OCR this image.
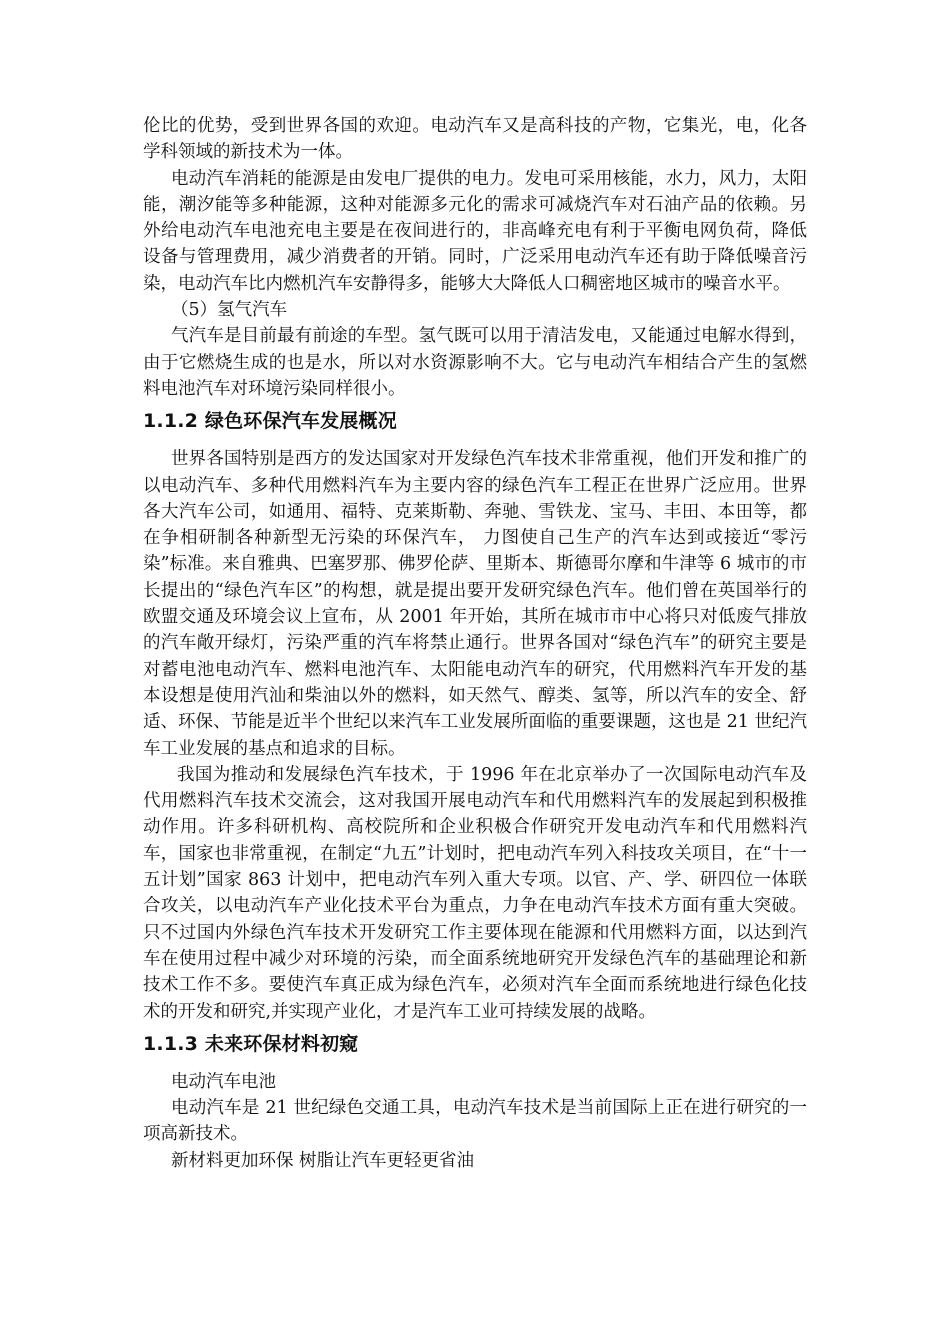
伦比的优势，受到世界各国的欢迎。电动汽车又是高科技的产物，它集光，电，化各学科领域的新技术为一体。

电动汽车消耗的能源是由发电厂提供的电力。发电可采用核能，水力，风力，太阳能，潮汐能等多种能源，这种对能源多元化的需求可减烧汽车对石油产品的依赖。另外给电动汽车电池充电主要是在夜间进行的，非高峰充电有利于平衡电网负荷，降低设备与管理费用，减少消费者的开销。同时，广泛采用电动汽车还有助于降低噪音污染，电动汽车比内燃机汽车安静得多，能够大大降低人口稠密地区城市的噪音水平。

（5）氢气汽车

气汽车是目前最有前途的车型。氢气既可以用于清洁发电，又能通过电解水得到，由于它燃烧生成的也是水，所以对水资源影响不大。它与电动汽车相结合产生的氢燃料电池汽车对环境污染同样很小。

1.1.2 绿色环保汽车发展概况

世界各国特别是西方的发达国家对开发绿色汽车技术非常重视，他们开发和推广的以电动汽车、多种代用燃料汽车为主要内容的绿色汽车工程正在世界广泛应用。世界各大汽车公司，如通用、福特、克莱斯勒、奔驰、雪铁龙、宝马、丰田、本田等，都在争相研制各种新型无污染的环保汽车， 力图使自己生产的汽车达到或接近“零污染”标准。来自雅典、巴塞罗那、佛罗伦萨、里斯本、斯德哥尔摩和牛津等 6 城市的市长提出的“绿色汽车区”的构想，就是提出要开发研究绿色汽车。他们曾在英国举行的欧盟交通及环境会议上宣布，从 2001 年开始，其所在城市市中心将只对低废气排放的汽车敞开绿灯，污染严重的汽车将禁止通行。世界各国对“绿色汽车”的研究主要是对蓄电池电动汽车、燃料电池汽车、太阳能电动汽车的研究，代用燃料汽车开发的基本设想是使用汽汕和柴油以外的燃料，如天然气、醇类、氢等，所以汽车的安全、舒适、环保、节能是近半个世纪以来汽车工业发展所面临的重要课题，这也是 21 世纪汽车工业发展的基点和追求的目标。

我国为推动和发展绿色汽车技术，于 1996 年在北京举办了一次国际电动汽车及代用燃料汽车技术交流会，这对我国开展电动汽车和代用燃料汽车的发展起到积极推动作用。许多科研机构、高校院所和企业积极合作研究开发电动汽车和代用燃料汽车，国家也非常重视，在制定“九五”计划时，把电动汽车列入科技攻关项目，在“十一五计划”国家 863 计划中，把电动汽车列入重大专项。以官、产、学、研四位一体联合攻关，以电动汽车产业化技术平台为重点，力争在电动汽车技术方面有重大突破。只不过国内外绿色汽车技术开发研究工作主要体现在能源和代用燃料方面，以达到汽车在使用过程中减少对环境的污染，而全面系统地研究开发绿色汽车的基础理论和新技术工作不多。要使汽车真正成为绿色汽车，必须对汽车全面而系统地进行绿色化技术的开发和研究,并实现产业化，才是汽车工业可持续发展的战略。

1.1.3 未来环保材料初窥

电动汽车电池

电动汽车是 21 世纪绿色交通工具，电动汽车技术是当前国际上正在进行研究的一项高新技术。

新材料更加环保 树脂让汽车更轻更省油
